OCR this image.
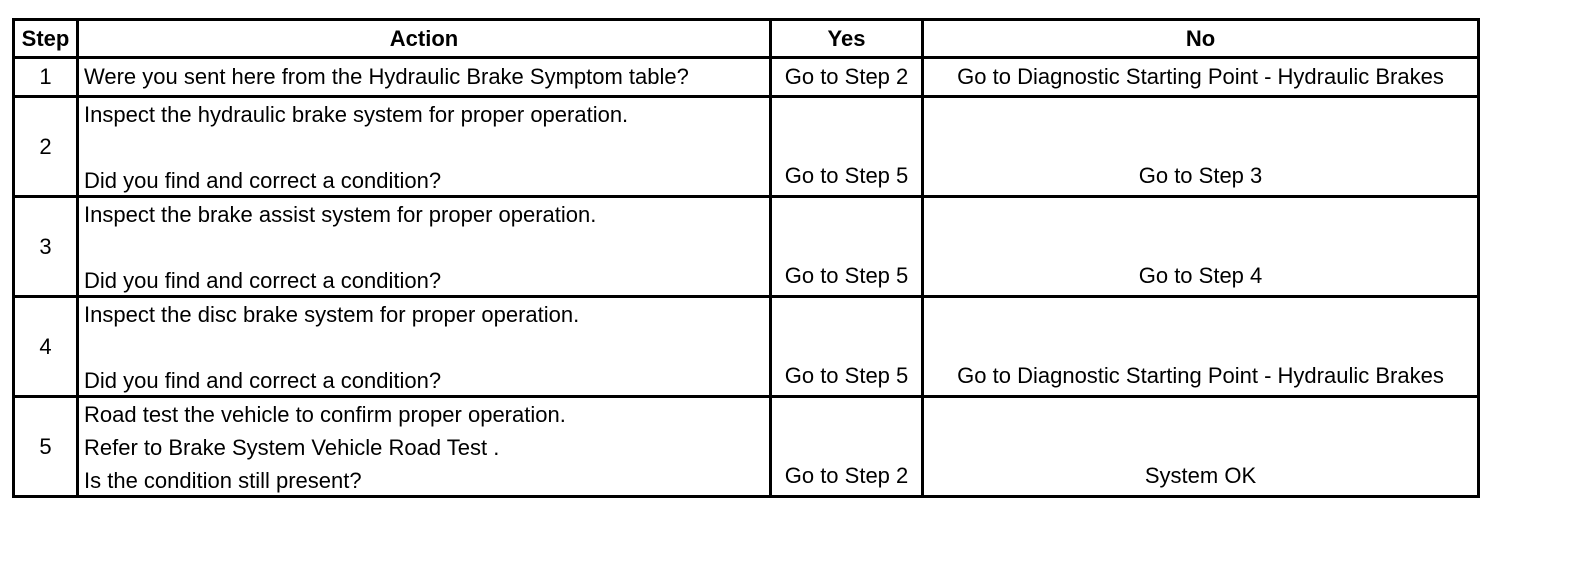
Step	Action	Yes	No
1	Were you sent here from the Hydraulic Brake Symptom table?	Go to Step 2	Go to Diagnostic Starting Point - Hydraulic Brakes
2	Inspect the hydraulic brake system for proper operation.
Did you find and correct a condition?	Go to Step 5	Go to Step 3
3	Inspect the brake assist system for proper operation.
Did you find and correct a condition?	Go to Step 5	Go to Step 4
4	Inspect the disc brake system for proper operation.
Did you find and correct a condition?	Go to Step 5	Go to Diagnostic Starting Point - Hydraulic Brakes
5	Road test the vehicle to confirm proper operation.
Refer to Brake System Vehicle Road Test .
Is the condition still present?	Go to Step 2	System OK
